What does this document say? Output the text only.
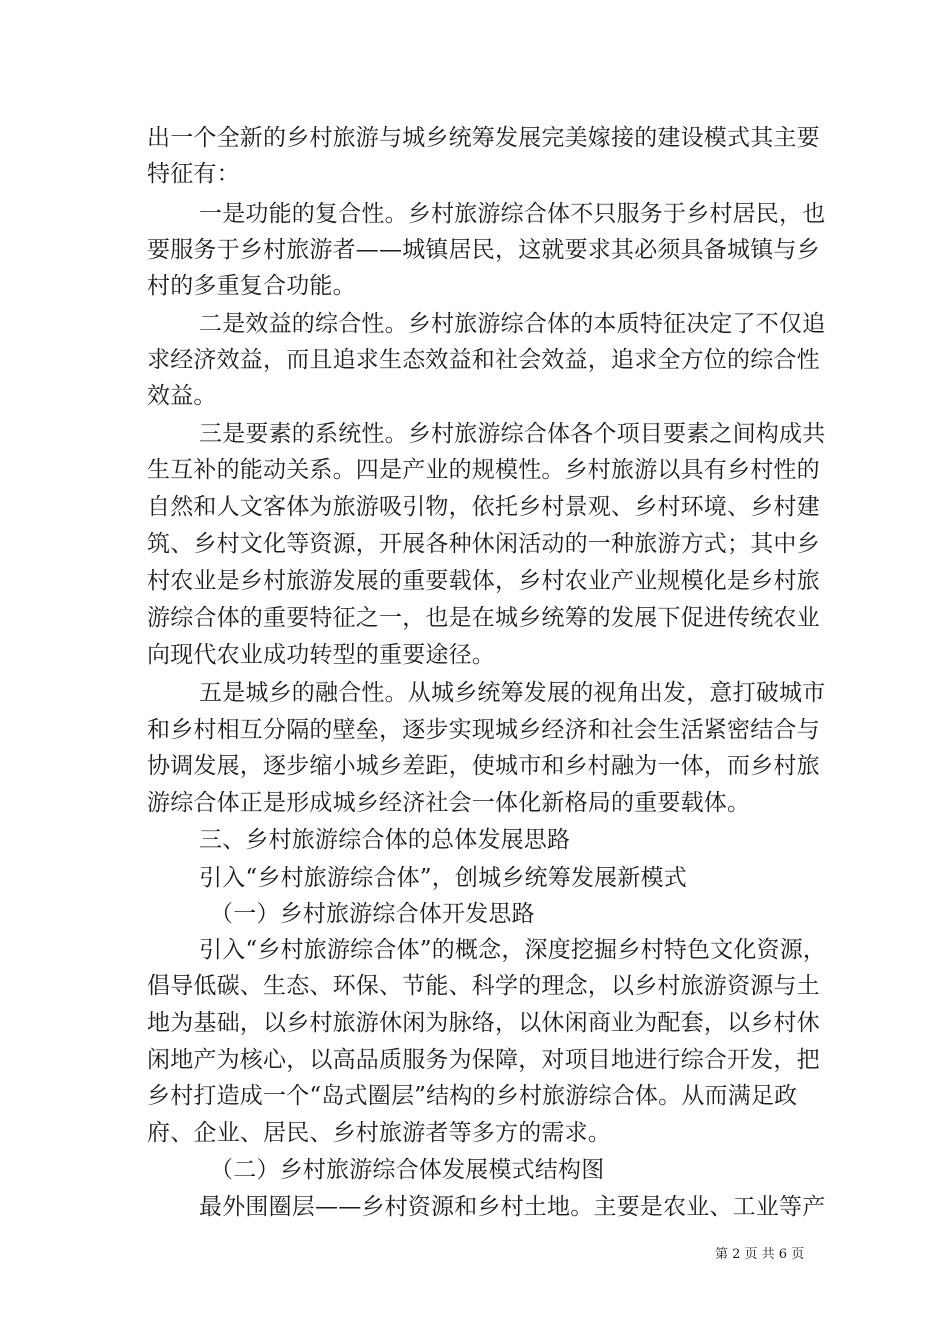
出一个全新的乡村旅游与城乡统筹发展完美嫁接的建设模式其主要
特征有：
一是功能的复合性。乡村旅游综合体不只服务于乡村居民，也
要服务于乡村旅游者——城镇居民，这就要求其必须具备城镇与乡
村的多重复合功能。
二是效益的综合性。乡村旅游综合体的本质特征决定了不仅追
求经济效益，而且追求生态效益和社会效益，追求全方位的综合性
效益。
三是要素的系统性。乡村旅游综合体各个项目要素之间构成共
生互补的能动关系。四是产业的规模性。乡村旅游以具有乡村性的
自然和人文客体为旅游吸引物，依托乡村景观、乡村环境、乡村建
筑、乡村文化等资源，开展各种休闲活动的一种旅游方式；其中乡
村农业是乡村旅游发展的重要载体，乡村农业产业规模化是乡村旅
游综合体的重要特征之一，也是在城乡统筹的发展下促进传统农业
向现代农业成功转型的重要途径。
五是城乡的融合性。从城乡统筹发展的视角出发，意打破城市
和乡村相互分隔的壁垒，逐步实现城乡经济和社会生活紧密结合与
协调发展，逐步缩小城乡差距，使城市和乡村融为一体，而乡村旅
游综合体正是形成城乡经济社会一体化新格局的重要载体。
三、乡村旅游综合体的总体发展思路
引入“乡村旅游综合体”，创城乡统筹发展新模式
（一）乡村旅游综合体开发思路
引入“乡村旅游综合体”的概念，深度挖掘乡村特色文化资源，
倡导低碳、生态、环保、节能、科学的理念，以乡村旅游资源与土
地为基础，以乡村旅游休闲为脉络，以休闲商业为配套，以乡村休
闲地产为核心，以高品质服务为保障，对项目地进行综合开发，把
乡村打造成一个“岛式圈层”结构的乡村旅游综合体。从而满足政
府、企业、居民、乡村旅游者等多方的需求。
（二）乡村旅游综合体发展模式结构图
最外围圈层——乡村资源和乡村土地。主要是农业、工业等产
第 2 页 共 6 页
